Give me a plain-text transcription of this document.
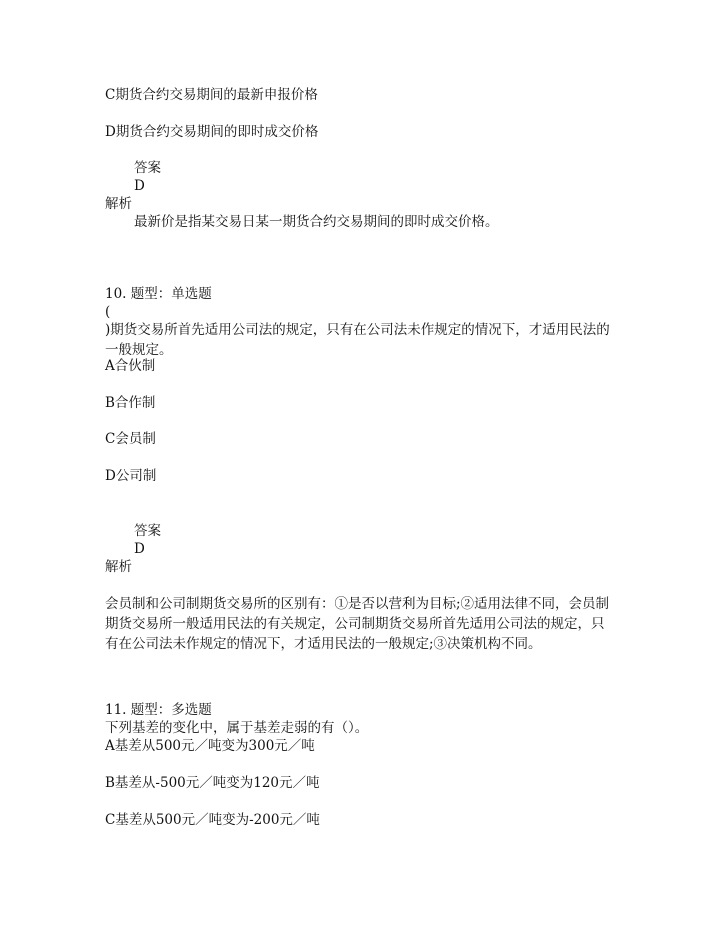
C期货合约交易期间的最新申报价格
D期货合约交易期间的即时成交价格
答案
D
解析
最新价是指某交易日某一期货合约交易期间的即时成交价格。
10. 题型：单选题
(
)期货交易所首先适用公司法的规定，只有在公司法未作规定的情况下，才适用民法的一般规定。
A合伙制
B合作制
C会员制
D公司制
答案
D
解析
会员制和公司制期货交易所的区别有：①是否以营利为目标;②适用法律不同，会员制期货交易所一般适用民法的有关规定，公司制期货交易所首先适用公司法的规定，只有在公司法未作规定的情况下，才适用民法的一般规定;③决策机构不同。
11. 题型：多选题
下列基差的变化中，属于基差走弱的有（）。
A基差从500元／吨变为300元／吨
B基差从-500元／吨变为120元／吨
C基差从500元／吨变为-200元／吨
